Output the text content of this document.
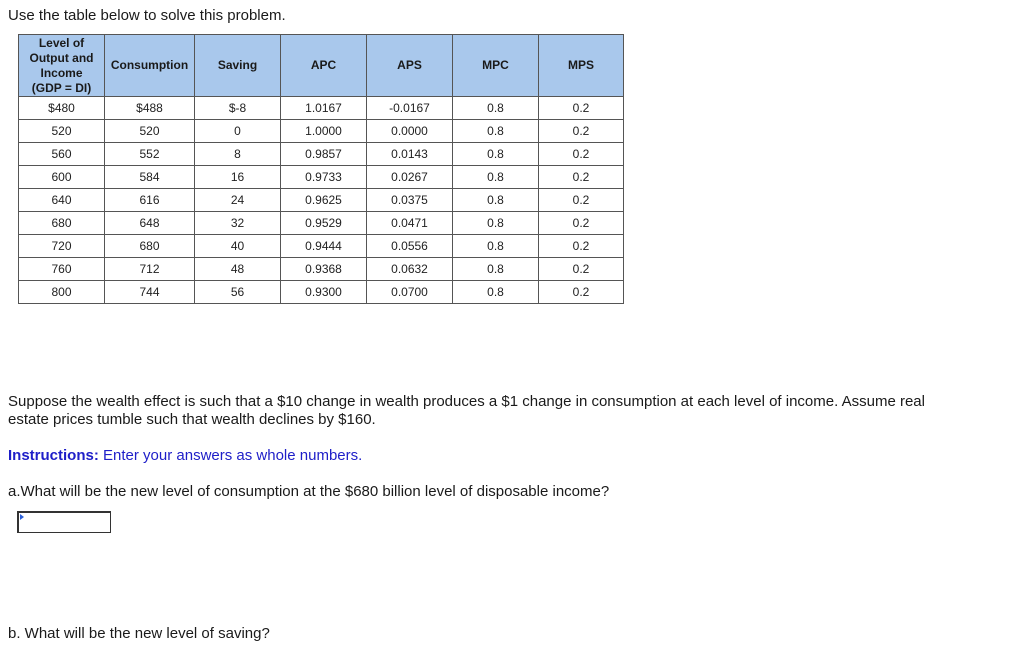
Use the table below to solve this problem.

Level of
Output and
Income
(GDP = DI)	Consumption	Saving	APC	APS	MPC	MPS
$480	$488	$-8	1.0167	-0.0167	0.8	0.2
520	520	0	1.0000	0.0000	0.8	0.2
560	552	8	0.9857	0.0143	0.8	0.2
600	584	16	0.9733	0.0267	0.8	0.2
640	616	24	0.9625	0.0375	0.8	0.2
680	648	32	0.9529	0.0471	0.8	0.2
720	680	40	0.9444	0.0556	0.8	0.2
760	712	48	0.9368	0.0632	0.8	0.2
800	744	56	0.9300	0.0700	0.8	0.2

Suppose the wealth effect is such that a $10 change in wealth produces a $1 change in consumption at each level of income. Assume real estate prices tumble such that wealth declines by $160.

Instructions: Enter your answers as whole numbers.

a.What will be the new level of consumption at the $680 billion level of disposable income?

b. What will be the new level of saving?
